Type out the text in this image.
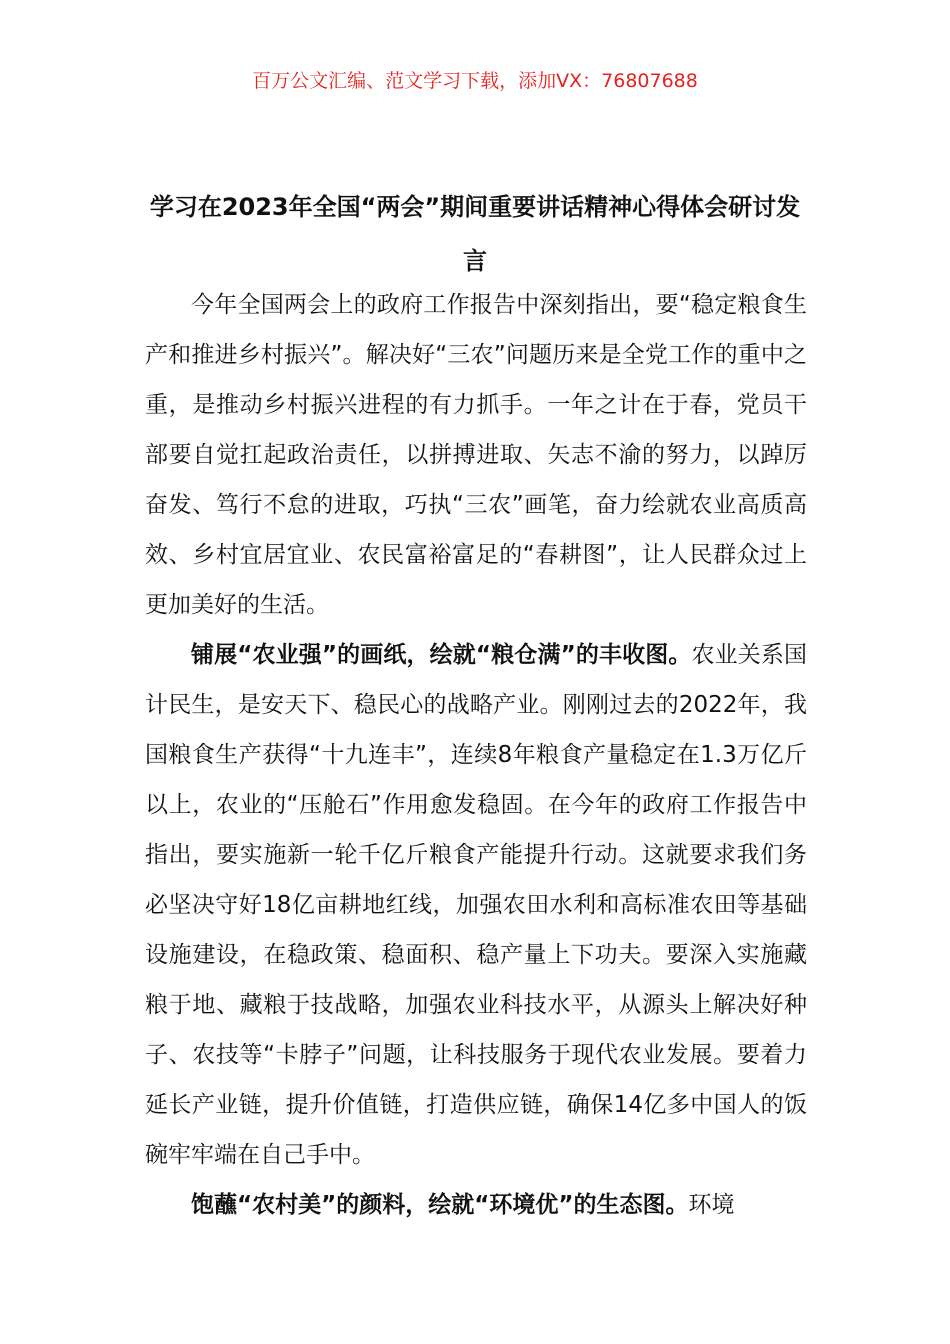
百万公文汇编、范文学习下载，添加VX：76807688
学习在2023年全国“两会”期间重要讲话精神心得体会研讨发言

今年全国两会上的政府工作报告中深刻指出，要“稳定粮食生产和推进乡村振兴”。解决好“三农”问题历来是全党工作的重中之重，是推动乡村振兴进程的有力抓手。一年之计在于春，党员干部要自觉扛起政治责任，以拼搏进取、矢志不渝的努力，以踔厉奋发、笃行不怠的进取，巧执“三农”画笔，奋力绘就农业高质高效、乡村宜居宜业、农民富裕富足的“春耕图”，让人民群众过上更加美好的生活。

铺展“农业强”的画纸，绘就“粮仓满”的丰收图。农业关系国计民生，是安天下、稳民心的战略产业。刚刚过去的2022年，我国粮食生产获得“十九连丰”，连续8年粮食产量稳定在1.3万亿斤以上，农业的“压舱石”作用愈发稳固。在今年的政府工作报告中指出，要实施新一轮千亿斤粮食产能提升行动。这就要求我们务必坚决守好18亿亩耕地红线，加强农田水利和高标准农田等基础设施建设，在稳政策、稳面积、稳产量上下功夫。要深入实施藏粮于地、藏粮于技战略，加强农业科技水平，从源头上解决好种子、农技等“卡脖子”问题，让科技服务于现代农业发展。要着力延长产业链，提升价值链，打造供应链，确保14亿多中国人的饭碗牢牢端在自己手中。

饱蘸“农村美”的颜料，绘就“环境优”的生态图。环境
